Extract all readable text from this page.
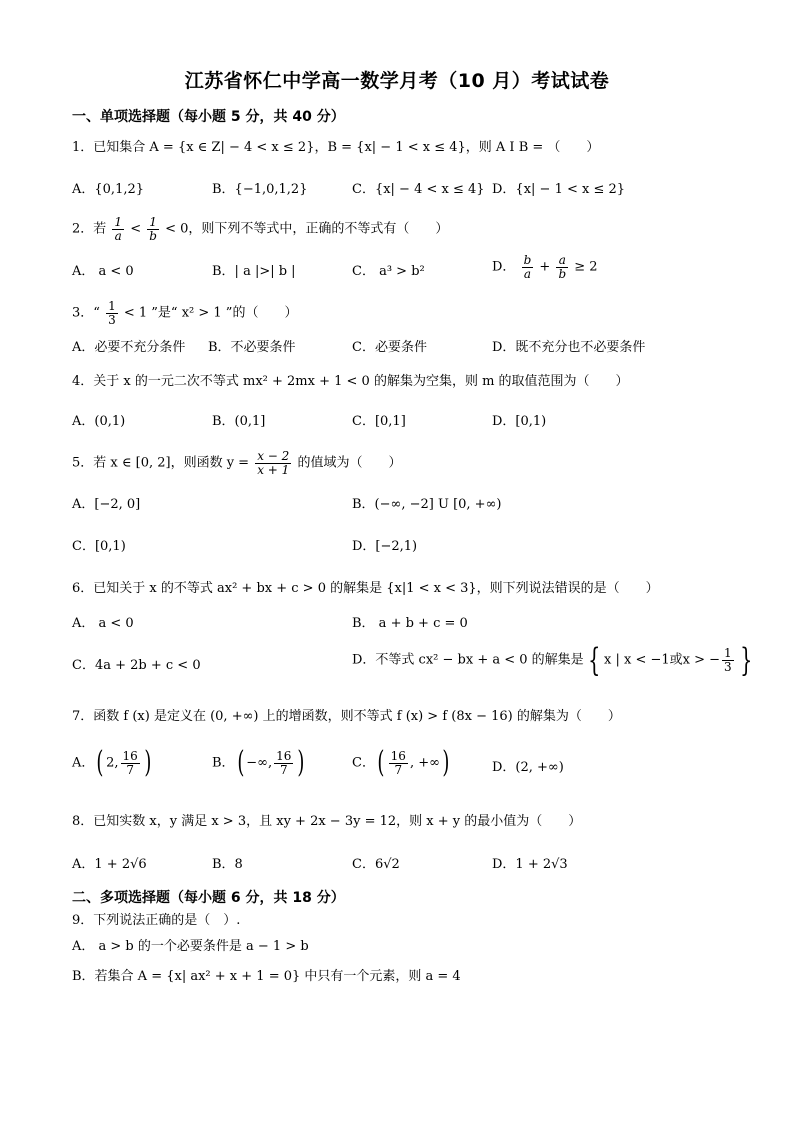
江苏省怀仁中学高一数学月考（10 月）考试试卷
一、单项选择题（每小题 5 分，共 40 分）
1．已知集合 A = {x ∈ Z| − 4 < x ≤ 2}，B = {x| − 1 < x ≤ 4}，则 A I B = （　　）
A．{0,1,2}	B．{−1,0,1,2}	C．{x| − 4 < x ≤ 4} D．{x| − 1 < x ≤ 2}
2．若 $\frac{1}{a} < \frac{1}{b} < 0$，则下列不等式中，正确的不等式有（　　）
A． a < 0	B．| a |>| b |	C． a³ > b²	D． $\frac{b}{a} + \frac{a}{b} \ge 2$
3．“ $\frac{1}{3} < 1$ ”是“ x² > 1 ”的（　　）
A．必要不充分条件 B．不必要条件	C．必要条件	D．既不充分也不必要条件
4．关于 x 的一元二次不等式 mx² + 2mx + 1 < 0 的解集为空集，则 m 的取值范围为（　　）
A．(0,1)	B．(0,1]	C．[0,1]	D．[0,1)
5．若 x ∈ [0, 2]，则函数 $y = \frac{x - 2}{x + 1}$ 的值域为（　　）
A．[−2, 0]	B．(−∞, −2] U [0, +∞)
C．[0,1)	D．[−2,1)
6．已知关于 x 的不等式 ax² + bx + c > 0 的解集是 {x|1 < x < 3}，则下列说法错误的是（　　）
A． a < 0	B． a + b + c = 0
C．4a + 2b + c < 0	D．不等式 cx² − bx + a < 0 的解集是 { x | x < −1或x > − $\frac{1}{3}$ }
7．函数 f (x) 是定义在 (0, +∞) 上的增函数，则不等式 f (x) > f (8x − 16) 的解集为（　　）
A．( 2, $\frac{16}{7}$ )	B．( −∞, $\frac{16}{7}$ )	C．( $\frac{16}{7}$ , +∞)	D．(2, +∞)
8．已知实数 x，y 满足 x > 3，且 xy + 2x − 3y = 12，则 x + y 的最小值为（　　）
A．1 + 2√6	B．8	C．6√2	D．1 + 2√3
二、多项选择题（每小题 6 分，共 18 分）
9．下列说法正确的是（　）.
A． a > b 的一个必要条件是 a − 1 > b
B．若集合 A = {x| ax² + x + 1 = 0} 中只有一个元素，则 a = 4
